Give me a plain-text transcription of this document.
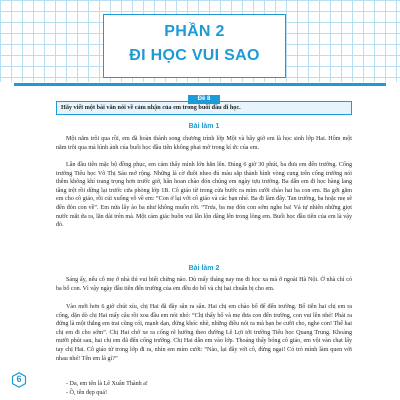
PHẦN 2
ĐI HỌC VUI SAO
Hãy viết một bài văn nói về cảm nhận của em trong buổi đầu đi học.
Đề 8
Bài làm 1

Một năm trôi qua rồi, em đã hoàn thành song chương trình lớp Một và bây giờ em là học sinh lớp Hai. Hôm một năm trôi qua mà hình ảnh của buổi học đầu tiên không phai mờ trong kí ức của em.

Lần đầu tiên mặc bộ đồng phục, em cảm thấy mình lớn hẳn lên. Đúng 6 giờ 30 phút, ba đưa em đến trường. Cổng trường Tiểu học Võ Thị Sáu mở rộng. Những lá cờ đuôi nheo đủ màu sắp thành hình vòng cung trên cổng trường nói thêm không khí trang trọng hơn trước giờ, hân hoan chào đón chúng em ngày tựu trường. Ba dẫn em đi học hàng lang tầng trệt rồi dừng lại trước cửa phòng lớp 1B. Cô giáo từ trong cửa bước ra mỉm cười chào hai ba con em. Ba gởi gắm em cho cô giáo, rồi cúi xuống vỗ về em: “Con ở lại với cô giáo và các bạn nhé. Ba đi làm đây. Tan trường, ba hoặc mẹ sẽ đến đón con về”. Em nửa lây ào ba như không muốn rời. “Trưa, ba mẹ đón con sớm nghe ba! Và tự nhiên những giọt nước mắt ứa ra, lăn dài trên má. Một cảm giác buồn vui lẫn lộn dâng lên trong lòng em. Buổi học đầu tiên của em là vậy đó.

Bài làm 2

Sáng ấy, nếu cô mẹ ở nhà thì vui biết chừng nào. Dù mấy tháng nay mẹ đi học xa mà ở ngoài Hà Nội. Ở nhà chỉ có ba bố con. Vì vậy ngày đầu tiên đến trường của em đều do bố và chị hai chuẩn bị cho em.

Vào mới hơn 6 giờ chút xíu, chị Hai đã đây sẵn ra sân. Hai chị em chào bố để đến trường. Bố tiễn hai chị em ra cổng, dặn dò chị Hai mấy câu rồi xoa đầu em nói nhỏ: “Chị thấy bố và mẹ đưa con đến trường, con vui lên nhé! Phải ra đứng là một thắng em trai cũng cói, mạnh dạn, đứng khóc nhè, những điều nói ra mà bạn be cười cho, nghe con! Thế hai chị em đi cho sớm”. Chị Hai chở xe ra cổng rẽ hướng theo đường Lê Lợi tới trường Tiểu học Quang Trung. Khoảng mười phút sau, hai chị em đã đến cổng trường. Chị Hai dẫn em vào lớp. Thoáng thấy bóng cô giáo, em vội vàn chạt lấy tay chị Hai. Cô giáo từ trong lớp đi ra, nhìn em mỉm cười: “Nào, lại đây với cô, đừng ngại! Có trò mình làm quen với nhau nhé! Tên em là gì?”

- Da, em tên là Lê Xuân Thành a!

- Ồ, tên đẹp quá!

6
